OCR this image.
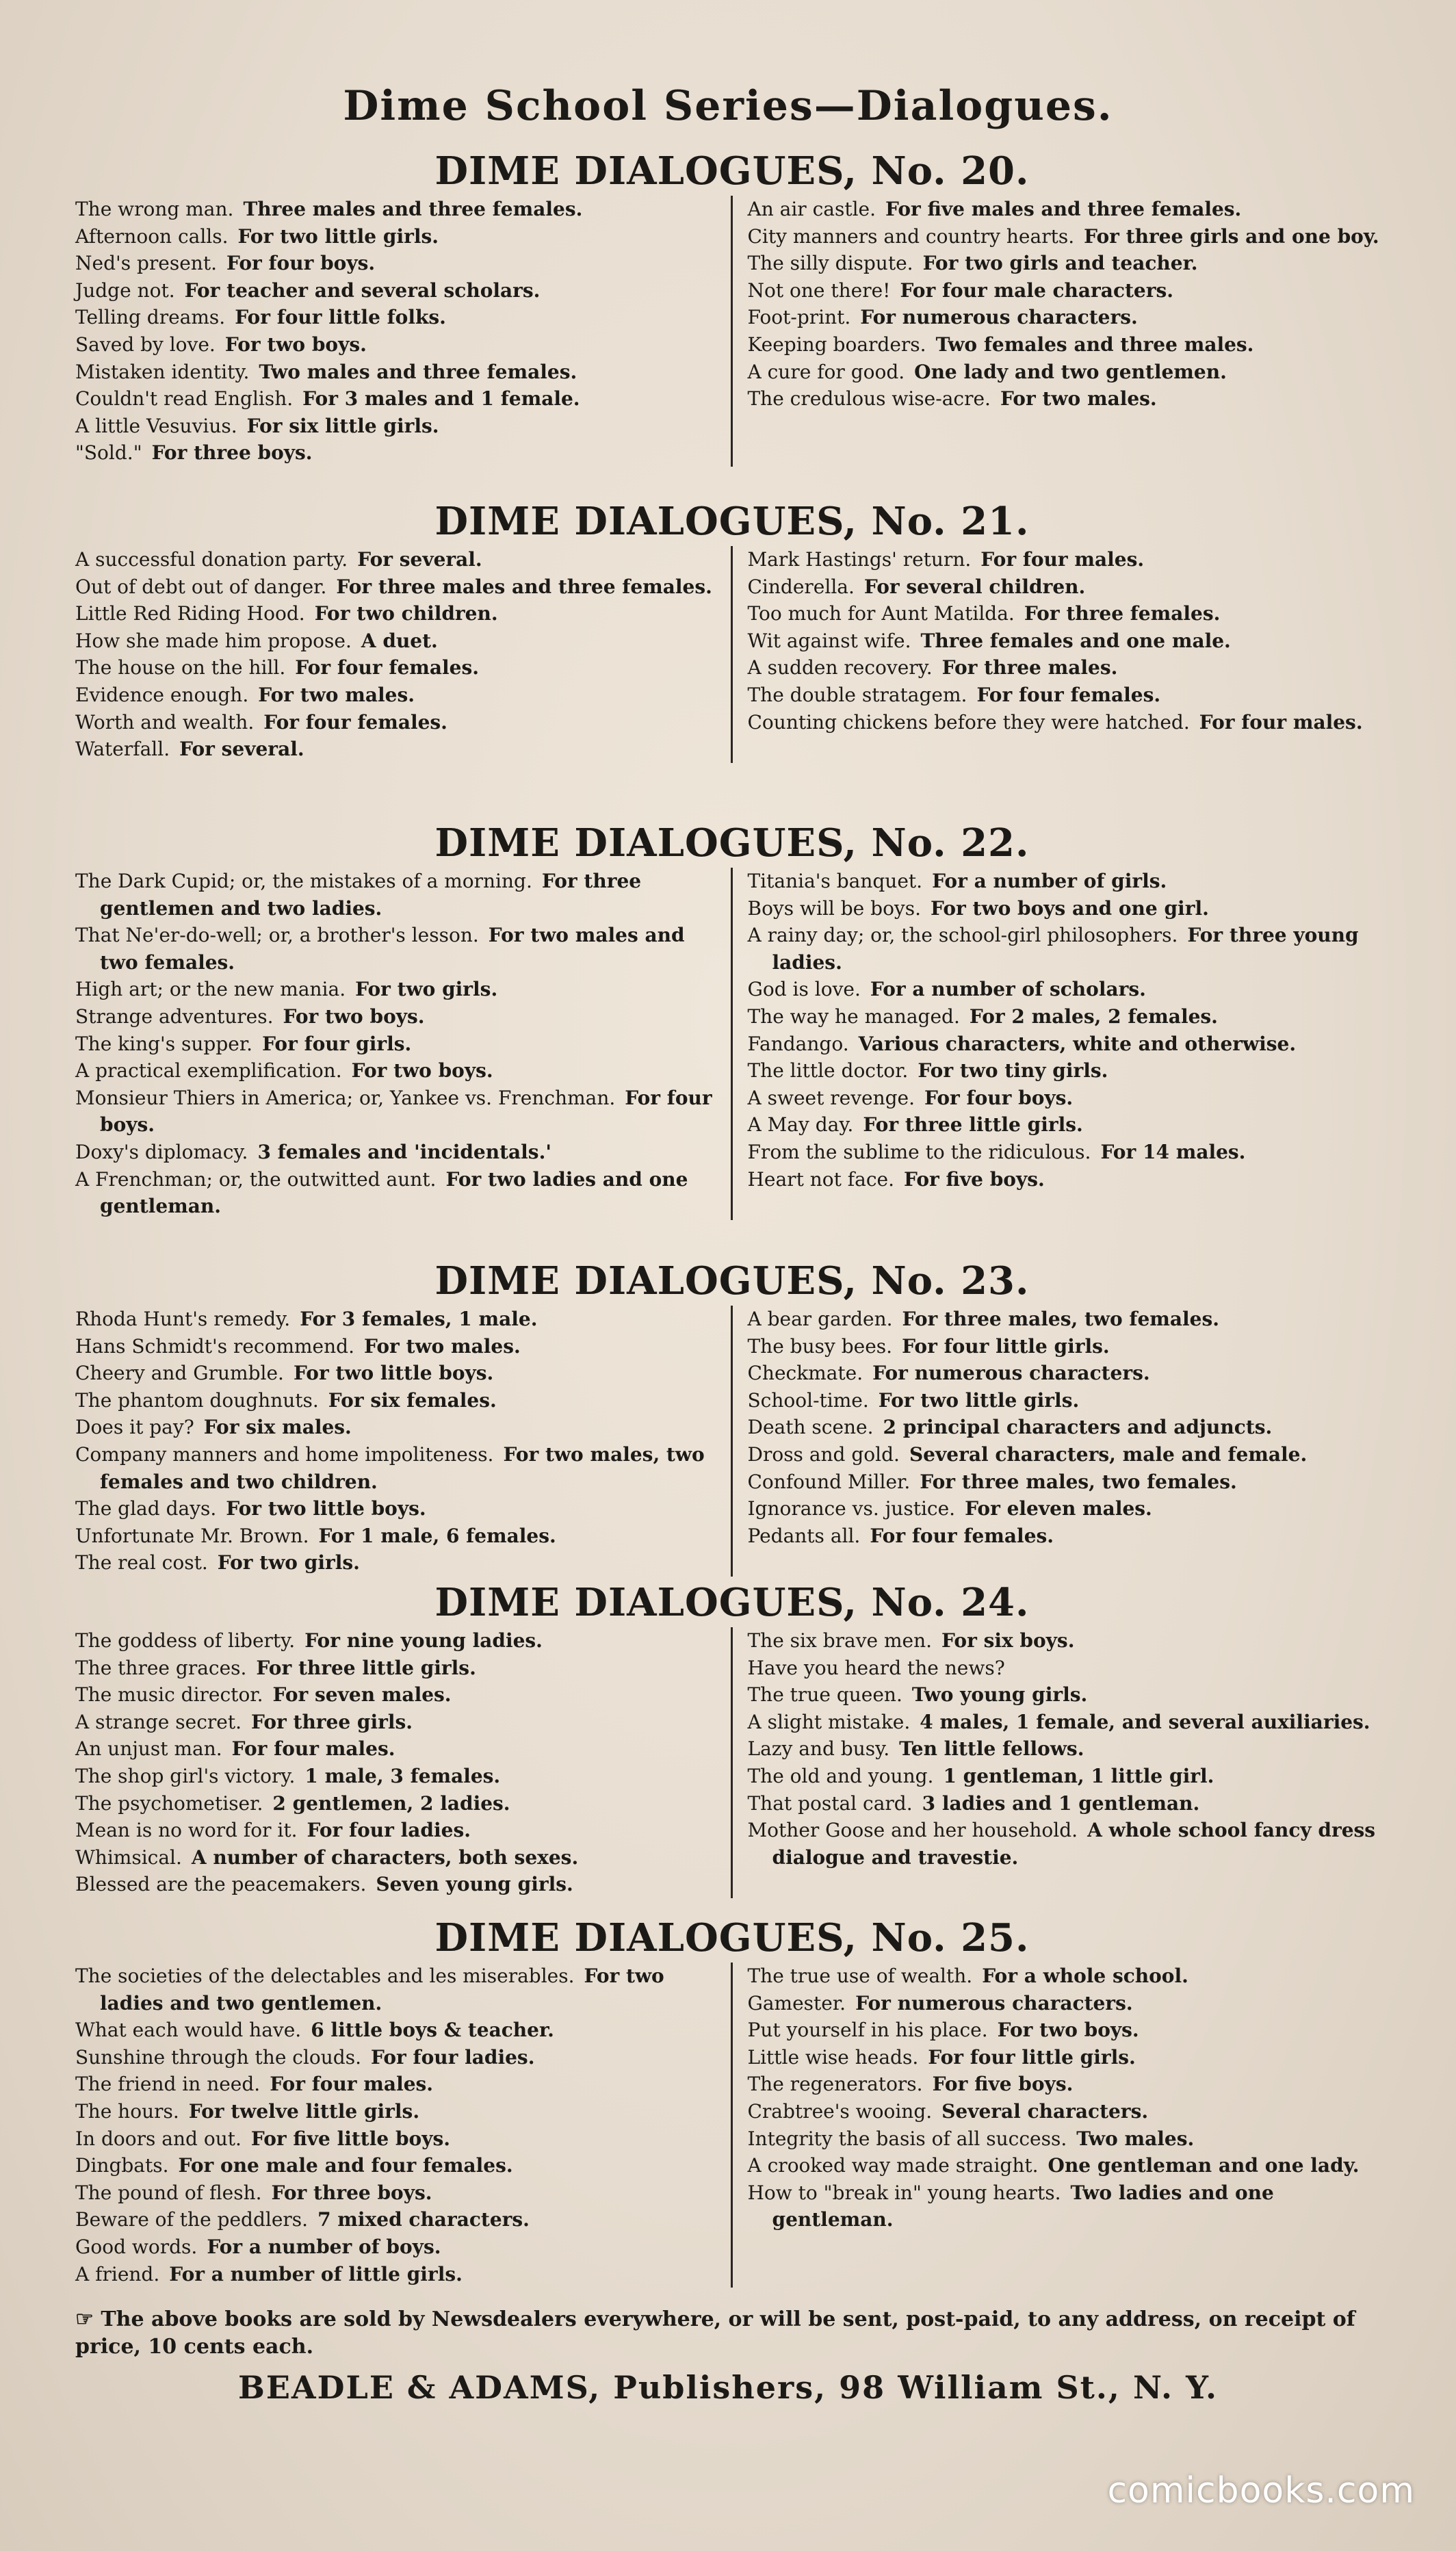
Dime School Series—Dialogues.
DIME DIALOGUES, No. 20.
The wrong man. Three males and three females.
Afternoon calls. For two little girls.
Ned's present. For four boys.
Judge not. For teacher and several scholars.
Telling dreams. For four little folks.
Saved by love. For two boys.
Mistaken identity. Two males and three females.
Couldn't read English. For 3 males and 1 female.
A little Vesuvius. For six little girls.
"Sold." For three boys.
An air castle. For five males and three females.
City manners and country hearts. For three girls and one boy.
The silly dispute. For two girls and teacher.
Not one there! For four male characters.
Foot-print. For numerous characters.
Keeping boarders. Two females and three males.
A cure for good. One lady and two gentlemen.
The credulous wise-acre. For two males.
DIME DIALOGUES, No. 21.
A successful donation party. For several.
Out of debt out of danger. For three males and three females.
Little Red Riding Hood. For two children.
How she made him propose. A duet.
The house on the hill. For four females.
Evidence enough. For two males.
Worth and wealth. For four females.
Waterfall. For several.
Mark Hastings' return. For four males.
Cinderella. For several children.
Too much for Aunt Matilda. For three females.
Wit against wife. Three females and one male.
A sudden recovery. For three males.
The double stratagem. For four females.
Counting chickens before they were hatched. For four males.
DIME DIALOGUES, No. 22.
The Dark Cupid; or, the mistakes of a morning. For three gentlemen and two ladies.
That Ne'er-do-well; or, a brother's lesson. For two males and two females.
High art; or the new mania. For two girls.
Strange adventures. For two boys.
The king's supper. For four girls.
A practical exemplification. For two boys.
Monsieur Thiers in America; or, Yankee vs. Frenchman. For four boys.
Doxy's diplomacy. 3 females and 'incidentals.'
A Frenchman; or, the outwitted aunt. For two ladies and one gentleman.
Titania's banquet. For a number of girls.
Boys will be boys. For two boys and one girl.
A rainy day; or, the school-girl philosophers. For three young ladies.
God is love. For a number of scholars.
The way he managed. For 2 males, 2 females.
Fandango. Various characters, white and otherwise.
The little doctor. For two tiny girls.
A sweet revenge. For four boys.
A May day. For three little girls.
From the sublime to the ridiculous. For 14 males.
Heart not face. For five boys.
DIME DIALOGUES, No. 23.
Rhoda Hunt's remedy. For 3 females, 1 male.
Hans Schmidt's recommend. For two males.
Cheery and Grumble. For two little boys.
The phantom doughnuts. For six females.
Does it pay? For six males.
Company manners and home impoliteness. For two males, two females and two children.
The glad days. For two little boys.
Unfortunate Mr. Brown. For 1 male, 6 females.
The real cost. For two girls.
A bear garden. For three males, two females.
The busy bees. For four little girls.
Checkmate. For numerous characters.
School-time. For two little girls.
Death scene. 2 principal characters and adjuncts.
Dross and gold. Several characters, male and female.
Confound Miller. For three males, two females.
Ignorance vs. justice. For eleven males.
Pedants all. For four females.
DIME DIALOGUES, No. 24.
The goddess of liberty. For nine young ladies.
The three graces. For three little girls.
The music director. For seven males.
A strange secret. For three girls.
An unjust man. For four males.
The shop girl's victory. 1 male, 3 females.
The psychometiser. 2 gentlemen, 2 ladies.
Mean is no word for it. For four ladies.
Whimsical. A number of characters, both sexes.
Blessed are the peacemakers. Seven young girls.
The six brave men. For six boys.
Have you heard the news?
The true queen. Two young girls.
A slight mistake. 4 males, 1 female, and several auxiliaries.
Lazy and busy. Ten little fellows.
The old and young. 1 gentleman, 1 little girl.
That postal card. 3 ladies and 1 gentleman.
Mother Goose and her household. A whole school fancy dress dialogue and travestie.
DIME DIALOGUES, No. 25.
The societies of the delectables and les miserables. For two ladies and two gentlemen.
What each would have. 6 little boys & teacher.
Sunshine through the clouds. For four ladies.
The friend in need. For four males.
The hours. For twelve little girls.
In doors and out. For five little boys.
Dingbats. For one male and four females.
The pound of flesh. For three boys.
Beware of the peddlers. 7 mixed characters.
Good words. For a number of boys.
A friend. For a number of little girls.
The true use of wealth. For a whole school.
Gamester. For numerous characters.
Put yourself in his place. For two boys.
Little wise heads. For four little girls.
The regenerators. For five boys.
Crabtree's wooing. Several characters.
Integrity the basis of all success. Two males.
A crooked way made straight. One gentleman and one lady.
How to "break in" young hearts. Two ladies and one gentleman.
☞ The above books are sold by Newsdealers everywhere, or will be sent, post-paid, to any address, on receipt of price, 10 cents each.
BEADLE & ADAMS, Publishers, 98 William St., N. Y.
comicbooks.com
